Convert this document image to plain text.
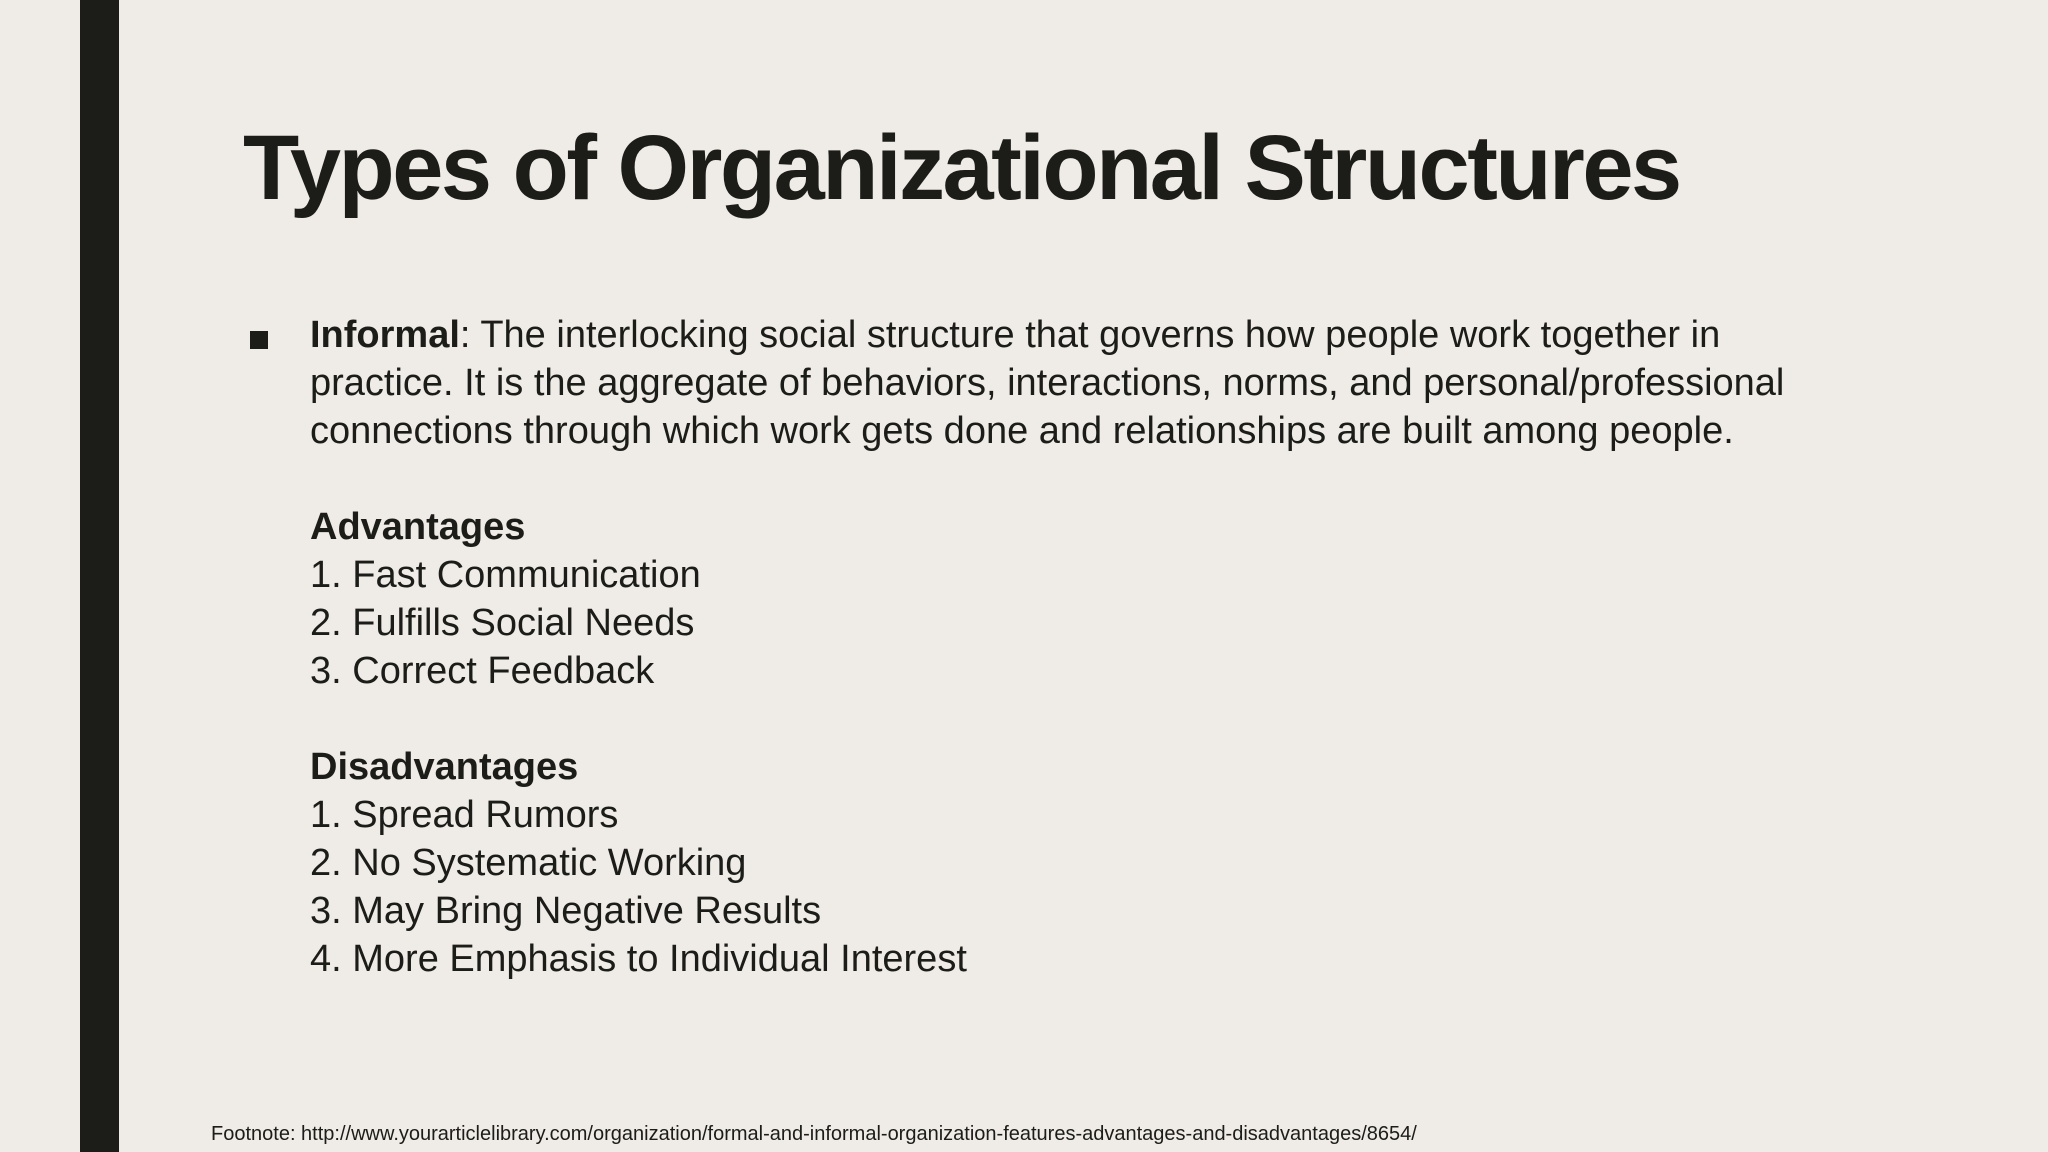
Types of Organizational Structures

Informal: The interlocking social structure that governs how people work together in practice. It is the aggregate of behaviors, interactions, norms, and personal/professional connections through which work gets done and relationships are built among people.

Advantages
1. Fast Communication
2. Fulfills Social Needs
3. Correct Feedback
Disadvantages
1. Spread Rumors
2. No Systematic Working
3. May Bring Negative Results
4. More Emphasis to Individual Interest
Footnote: http://www.yourarticlelibrary.com/organization/formal-and-informal-organization-features-advantages-and-disadvantages/8654/
